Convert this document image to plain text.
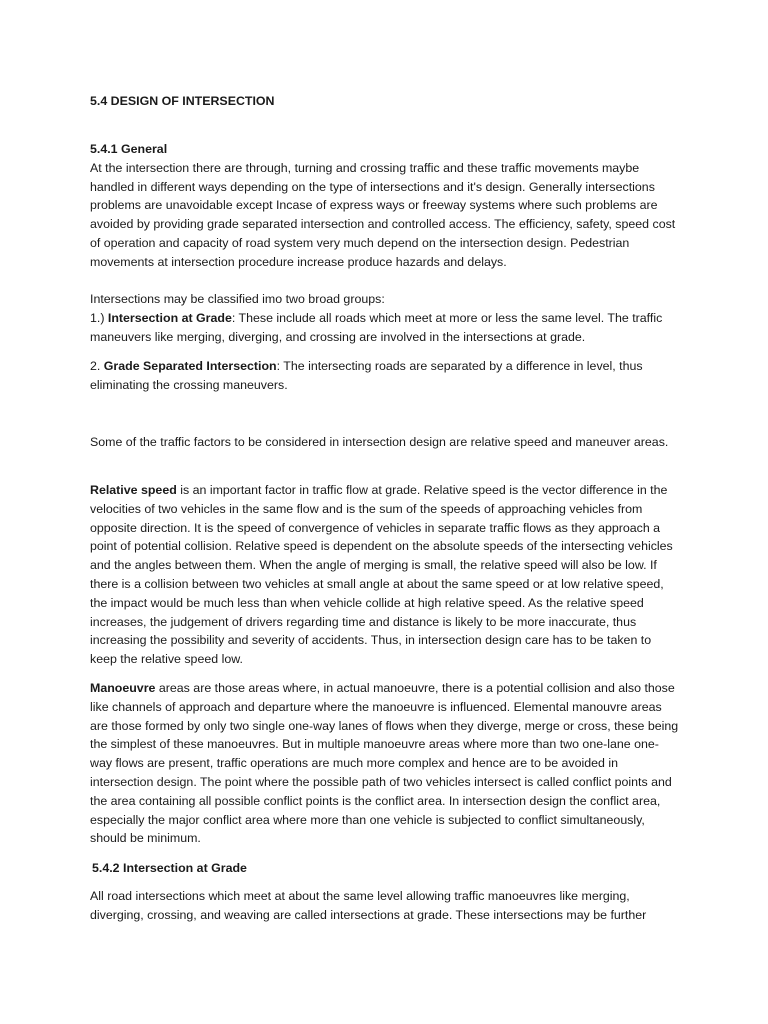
5.4 DESIGN OF INTERSECTION
5.4.1 General
At the intersection there are through, turning and crossing traffic and these traffic movements maybe handled in different ways depending on the type of intersections and it's design. Generally intersections problems are unavoidable except Incase of express ways or freeway systems where such problems are avoided by providing grade separated intersection and controlled access. The efficiency, safety, speed cost of operation and capacity of road system very much depend on the intersection design. Pedestrian movements at intersection procedure increase produce hazards and delays.
Intersections may be classified imo two broad groups:
1.) Intersection at Grade: These include all roads which meet at more or less the same level. The traffic maneuvers like merging, diverging, and crossing are involved in the intersections at grade.
2. Grade Separated Intersection: The intersecting roads are separated by a difference in level, thus eliminating the crossing maneuvers.
Some of the traffic factors to be considered in intersection design are relative speed and maneuver areas.
Relative speed is an important factor in traffic flow at grade. Relative speed is the vector difference in the velocities of two vehicles in the same flow and is the sum of the speeds of approaching vehicles from opposite direction. It is the speed of convergence of vehicles in separate traffic flows as they approach a point of potential collision. Relative speed is dependent on the absolute speeds of the intersecting vehicles and the angles between them. When the angle of merging is small, the relative speed will also be low. If there is a collision between two vehicles at small angle at about the same speed or at low relative speed, the impact would be much less than when vehicle collide at high relative speed. As the relative speed increases, the judgement of drivers regarding time and distance is likely to be more inaccurate, thus increasing the possibility and severity of accidents. Thus, in intersection design care has to be taken to keep the relative speed low.
Manoeuvre areas are those areas where, in actual manoeuvre, there is a potential collision and also those like channels of approach and departure where the manoeuvre is influenced. Elemental manouvre areas are those formed by only two single one-way lanes of flows when they diverge, merge or cross, these being the simplest of these manoeuvres. But in multiple manoeuvre areas where more than two one-lane one-way flows are present, traffic operations are much more complex and hence are to be avoided in intersection design. The point where the possible path of two vehicles intersect is called conflict points and the area containing all possible conflict points is the conflict area. In intersection design the conflict area, especially the major conflict area where more than one vehicle is subjected to conflict simultaneously, should be minimum.
5.4.2 Intersection at Grade
All road intersections which meet at about the same level allowing traffic manoeuvres like merging, diverging, crossing, and weaving are called intersections at grade. These intersections may be further
